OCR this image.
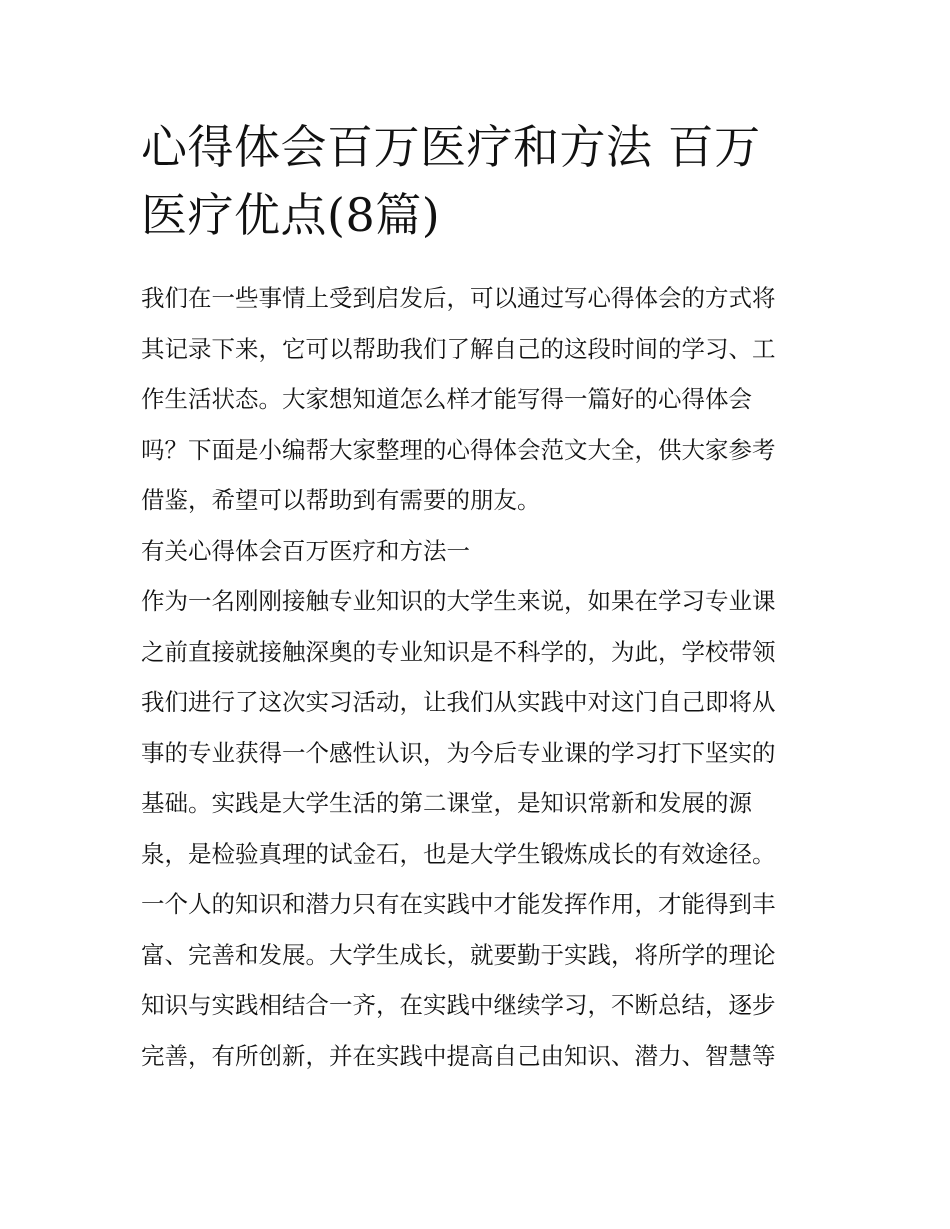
心得体会百万医疗和方法 百万
医疗优点(8篇)

我们在一些事情上受到启发后，可以通过写心得体会的方式将
其记录下来，它可以帮助我们了解自己的这段时间的学习、工
作生活状态。大家想知道怎么样才能写得一篇好的心得体会
吗？下面是小编帮大家整理的心得体会范文大全，供大家参考
借鉴，希望可以帮助到有需要的朋友。

有关心得体会百万医疗和方法一

作为一名刚刚接触专业知识的大学生来说，如果在学习专业课
之前直接就接触深奥的专业知识是不科学的，为此，学校带领
我们进行了这次实习活动，让我们从实践中对这门自己即将从
事的专业获得一个感性认识，为今后专业课的学习打下坚实的
基础。实践是大学生活的第二课堂，是知识常新和发展的源
泉，是检验真理的试金石，也是大学生锻炼成长的有效途径。
一个人的知识和潜力只有在实践中才能发挥作用，才能得到丰
富、完善和发展。大学生成长，就要勤于实践，将所学的理论
知识与实践相结合一齐，在实践中继续学习，不断总结，逐步
完善，有所创新，并在实践中提高自己由知识、潜力、智慧等
